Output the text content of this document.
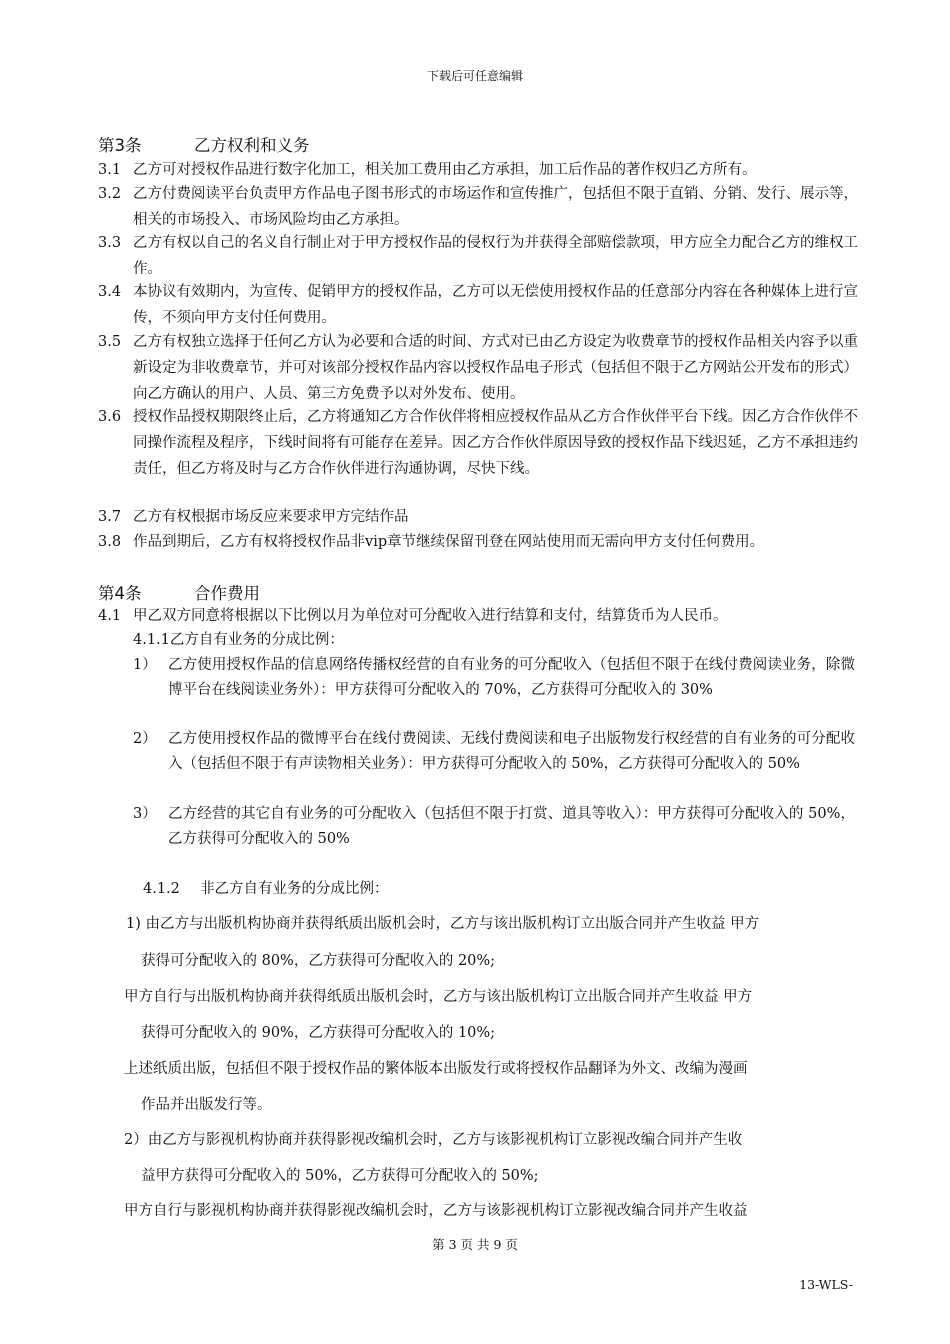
下载后可任意编辑
第3条	乙方权利和义务
3.1 乙方可对授权作品进行数字化加工，相关加工费用由乙方承担，加工后作品的著作权归乙方所有。
3.2 乙方付费阅读平台负责甲方作品电子图书形式的市场运作和宣传推广，包括但不限于直销、分销、发行、展示等，相关的市场投入、市场风险均由乙方承担。
3.3 乙方有权以自己的名义自行制止对于甲方授权作品的侵权行为并获得全部赔偿款项，甲方应全力配合乙方的维权工作。
3.4 本协议有效期内，为宣传、促销甲方的授权作品，乙方可以无偿使用授权作品的任意部分内容在各种媒体上进行宣传，不须向甲方支付任何费用。
3.5 乙方有权独立选择于任何乙方认为必要和合适的时间、方式对已由乙方设定为收费章节的授权作品相关内容予以重新设定为非收费章节，并可对该部分授权作品内容以授权作品电子形式（包括但不限于乙方网站公开发布的形式）向乙方确认的用户、人员、第三方免费予以对外发布、使用。
3.6 授权作品授权期限终止后，乙方将通知乙方合作伙伴将相应授权作品从乙方合作伙伴平台下线。因乙方合作伙伴不同操作流程及程序，下线时间将有可能存在差异。因乙方合作伙伴原因导致的授权作品下线迟延，乙方不承担违约责任，但乙方将及时与乙方合作伙伴进行沟通协调，尽快下线。
3.7 乙方有权根据市场反应来要求甲方完结作品
3.8 作品到期后，乙方有权将授权作品非vip章节继续保留刊登在网站使用而无需向甲方支付任何费用。
第4条	合作费用
4.1 甲乙双方同意将根据以下比例以月为单位对可分配收入进行结算和支付，结算货币为人民币。
4.1.1乙方自有业务的分成比例：
1） 乙方使用授权作品的信息网络传播权经营的自有业务的可分配收入（包括但不限于在线付费阅读业务，除微博平台在线阅读业务外）：甲方获得可分配收入的 70%，乙方获得可分配收入的 30%
2） 乙方使用授权作品的微博平台在线付费阅读、无线付费阅读和电子出版物发行权经营的自有业务的可分配收入（包括但不限于有声读物相关业务）：甲方获得可分配收入的 50%，乙方获得可分配收入的 50%
3） 乙方经营的其它自有业务的可分配收入（包括但不限于打赏、道具等收入）：甲方获得可分配收入的 50%，乙方获得可分配收入的 50%
4.1.2 非乙方自有业务的分成比例：
1) 由乙方与出版机构协商并获得纸质出版机会时，乙方与该出版机构订立出版合同并产生收益 甲方
获得可分配收入的 80%，乙方获得可分配收入的 20%;
甲方自行与出版机构协商并获得纸质出版机会时，乙方与该出版机构订立出版合同并产生收益 甲方
获得可分配收入的 90%，乙方获得可分配收入的 10%;
上述纸质出版，包括但不限于授权作品的繁体版本出版发行或将授权作品翻译为外文、改编为漫画
作品并出版发行等。
2）由乙方与影视机构协商并获得影视改编机会时，乙方与该影视机构订立影视改编合同并产生收
益甲方获得可分配收入的 50%，乙方获得可分配收入的 50%;
甲方自行与影视机构协商并获得影视改编机会时，乙方与该影视机构订立影视改编合同并产生收益
第 3 页 共 9 页
13-WLS-
